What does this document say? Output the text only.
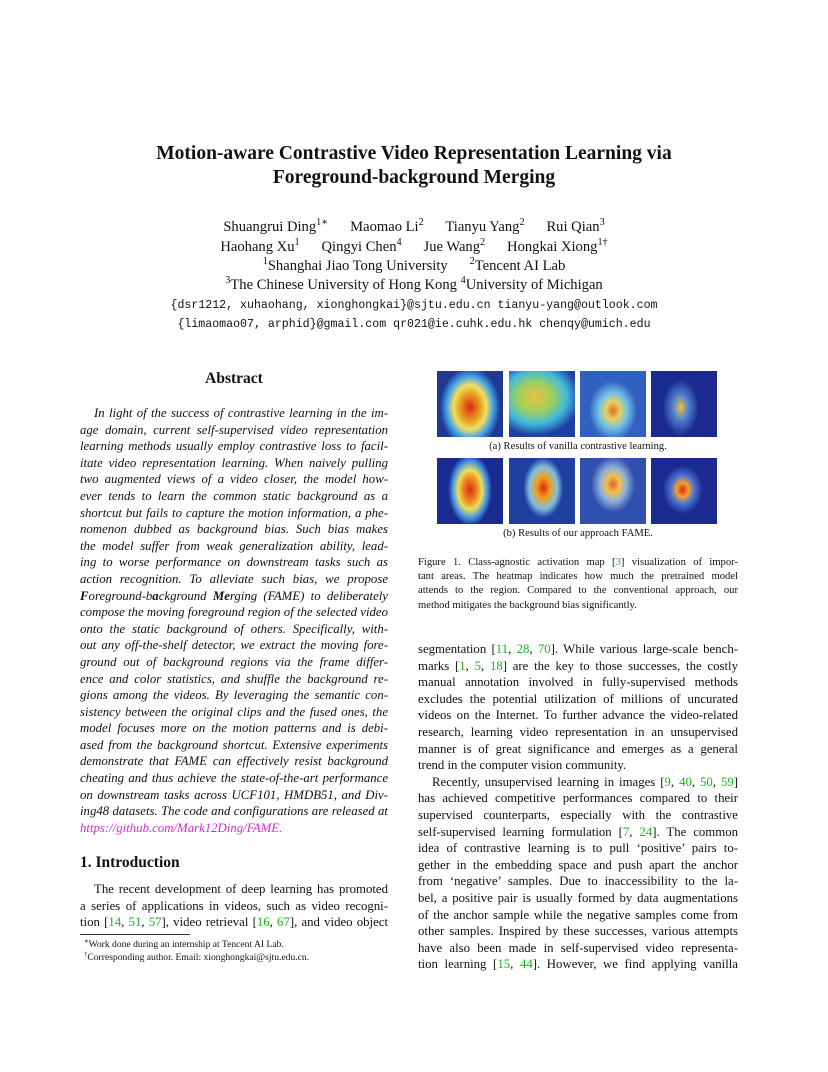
Motion-aware Contrastive Video Representation Learning via
Foreground-background Merging
Shuangrui Ding$^{1∗}$ Maomao Li$^2$ Tianyu Yang$^2$ Rui Qian$^3$
Haohang Xu$^1$ Qingyi Chen$^4$ Jue Wang$^2$ Hongkai Xiong$^{1\dagger}$
$^1$Shanghai Jiao Tong University $^2$Tencent AI Lab
$^3$The Chinese University of Hong Kong $^4$University of Michigan
{dsr1212, xuhaohang, xionghongkai}@sjtu.edu.cn tianyu-yang@outlook.com
{limaomao07, arphid}@gmail.com qr021@ie.cuhk.edu.hk chenqy@umich.edu
Abstract
In light of the success of contrastive learning in the im-
age domain, current self-supervised video representation
learning methods usually employ contrastive loss to facil-
itate video representation learning. When naively pulling
two augmented views of a video closer, the model how-
ever tends to learn the common static background as a
shortcut but fails to capture the motion information, a phe-
nomenon dubbed as background bias. Such bias makes
the model suffer from weak generalization ability, lead-
ing to worse performance on downstream tasks such as
action recognition. To alleviate such bias, we propose
Foreground-background Merging (FAME) to deliberately
compose the moving foreground region of the selected video
onto the static background of others. Specifically, with-
out any off-the-shelf detector, we extract the moving fore-
ground out of background regions via the frame differ-
ence and color statistics, and shuffle the background re-
gions among the videos. By leveraging the semantic con-
sistency between the original clips and the fused ones, the
model focuses more on the motion patterns and is debi-
ased from the background shortcut. Extensive experiments
demonstrate that FAME can effectively resist background
cheating and thus achieve the state-of-the-art performance
on downstream tasks across UCF101, HMDB51, and Div-
ing48 datasets. The code and configurations are released at
https://github.com/Mark12Ding/FAME.
1. Introduction
The recent development of deep learning has promoted
a series of applications in videos, such as video recogni-
tion [14, 51, 57], video retrieval [16, 67], and video object
∗Work done during an internship at Tencent AI Lab.
†Corresponding author. Email: xionghongkai@sjtu.edu.cn.
(a) Results of vanilla contrastive learning.
(b) Results of our approach FAME.
Figure 1. Class-agnostic activation map [3] visualization of impor-
tant areas. The heatmap indicates how much the pretrained model
attends to the region. Compared to the conventional approach, our
method mitigates the background bias significantly.
segmentation [11, 28, 70]. While various large-scale bench-
marks [1, 5, 18] are the key to those successes, the costly
manual annotation involved in fully-supervised methods
excludes the potential utilization of millions of uncurated
videos on the Internet. To further advance the video-related
research, learning video representation in an unsupervised
manner is of great significance and emerges as a general
trend in the computer vision community.
Recently, unsupervised learning in images [9, 40, 50, 59]
has achieved competitive performances compared to their
supervised counterparts, especially with the contrastive
self-supervised learning formulation [7, 24]. The common
idea of contrastive learning is to pull ‘positive’ pairs to-
gether in the embedding space and push apart the anchor
from ‘negative’ samples. Due to inaccessibility to the la-
bel, a positive pair is usually formed by data augmentations
of the anchor sample while the negative samples come from
other samples. Inspired by these successes, various attempts
have also been made in self-supervised video representa-
tion learning [15, 44]. However, we find applying vanilla
